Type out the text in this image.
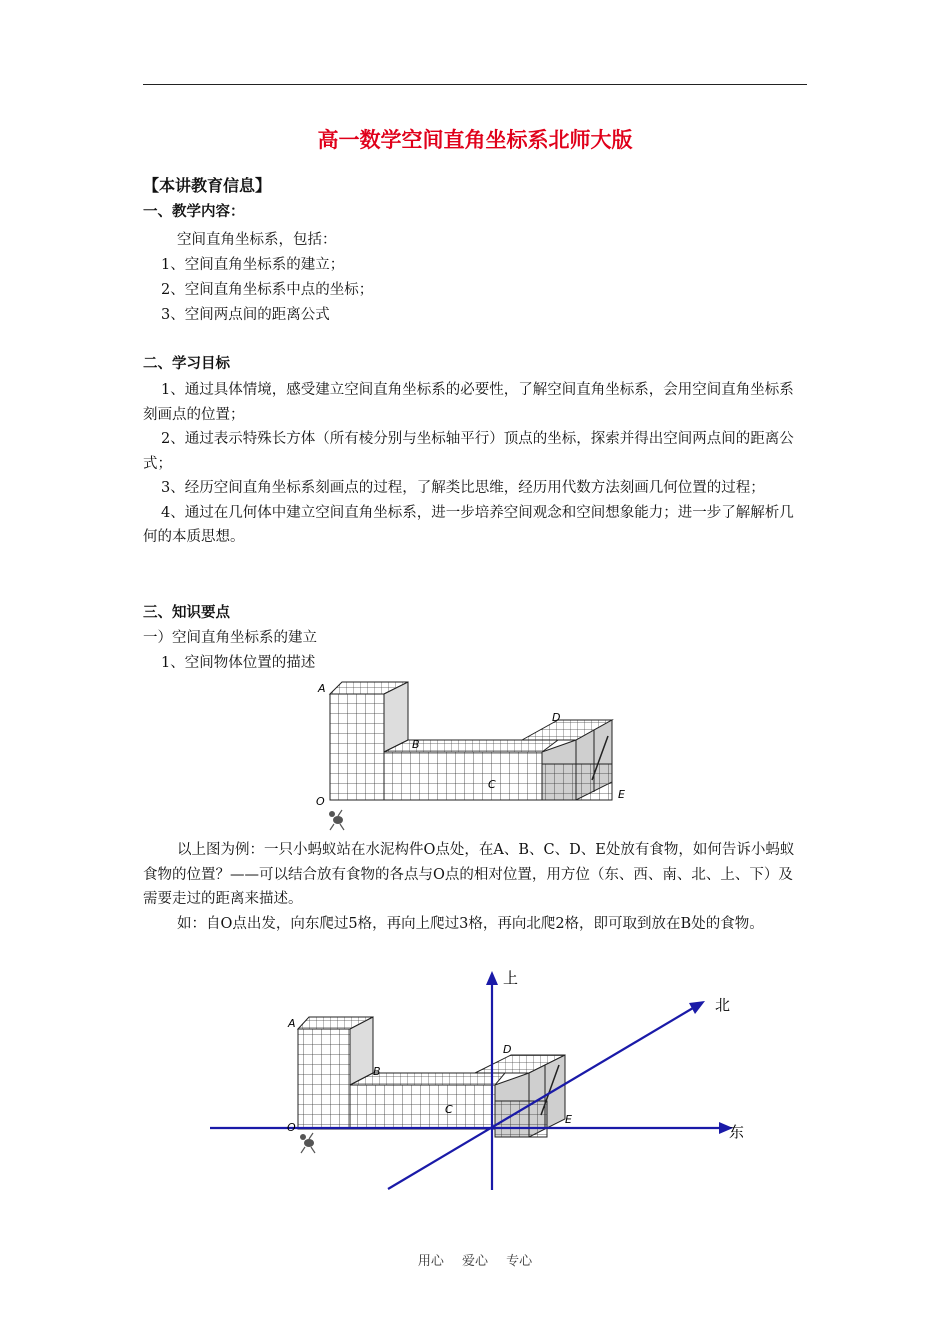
高一数学空间直角坐标系北师大版
【本讲教育信息】
一、教学内容：
空间直角坐标系，包括：
1、空间直角坐标系的建立；
2、空间直角坐标系中点的坐标；
3、空间两点间的距离公式
二、学习目标

1、通过具体情境，感受建立空间直角坐标系的必要性，了解空间直角坐标系，会用空间直角坐标系刻画点的位置；

2、通过表示特殊长方体（所有棱分别与坐标轴平行）顶点的坐标，探索并得出空间两点间的距离公式；

3、经历空间直角坐标系刻画点的过程，了解类比思维，经历用代数方法刻画几何位置的过程；

4、通过在几何体中建立空间直角坐标系，进一步培养空间观念和空间想象能力；进一步了解解析几何的本质思想。

三、知识要点
一）空间直角坐标系的建立
1、空间物体位置的描述
A
B
C
D
E
O

以上图为例：一只小蚂蚁站在水泥构件O点处，在A、B、C、D、E处放有食物，如何告诉小蚂蚁食物的位置？——可以结合放有食物的各点与O点的相对位置，用方位（东、西、南、北、上、下）及需要走过的距离来描述。

如：自O点出发，向东爬过5格，再向上爬过3格，再向北爬2格，即可取到放在B处的食物。

上
北
东
A
B
C
D
E
O
用心 爱心 专心
